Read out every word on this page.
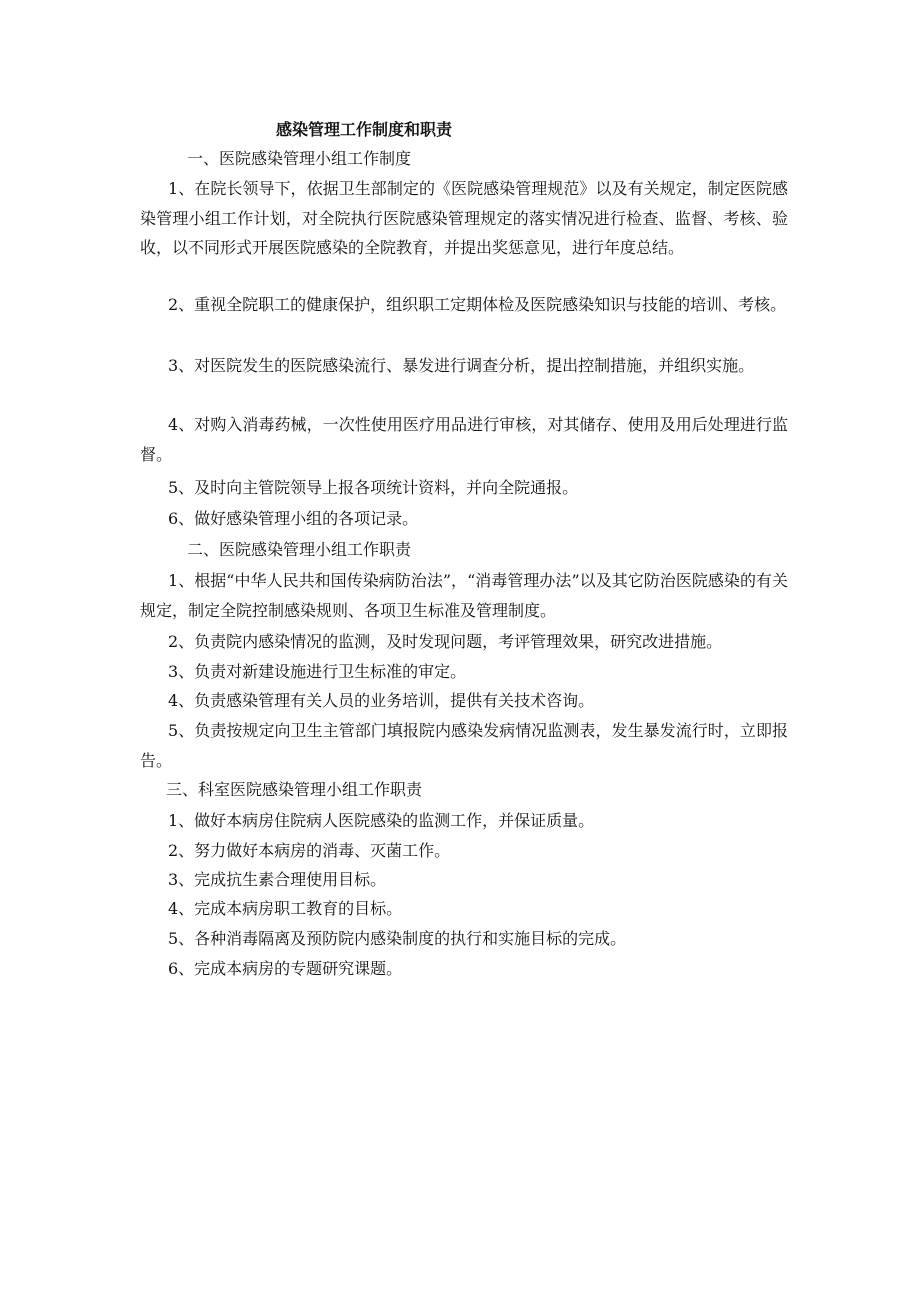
感染管理工作制度和职责
一、医院感染管理小组工作制度
1、在院长领导下，依据卫生部制定的《医院感染管理规范》以及有关规定，制定医院感染管理小组工作计划，对全院执行医院感染管理规定的落实情况进行检查、监督、考核、验收，以不同形式开展医院感染的全院教育，并提出奖惩意见，进行年度总结。
2、重视全院职工的健康保护，组织职工定期体检及医院感染知识与技能的培训、考核。
3、对医院发生的医院感染流行、暴发进行调查分析，提出控制措施，并组织实施。
4、对购入消毒药械，一次性使用医疗用品进行审核，对其储存、使用及用后处理进行监督。
5、及时向主管院领导上报各项统计资料，并向全院通报。
6、做好感染管理小组的各项记录。
二、医院感染管理小组工作职责
1、根据“中华人民共和国传染病防治法”，“消毒管理办法”以及其它防治医院感染的有关规定，制定全院控制感染规则、各项卫生标准及管理制度。
2、负责院内感染情况的监测，及时发现问题，考评管理效果，研究改进措施。
3、负责对新建设施进行卫生标准的审定。
4、负责感染管理有关人员的业务培训，提供有关技术咨询。
5、负责按规定向卫生主管部门填报院内感染发病情况监测表，发生暴发流行时，立即报告。
三、科室医院感染管理小组工作职责
1、做好本病房住院病人医院感染的监测工作，并保证质量。
2、努力做好本病房的消毒、灭菌工作。
3、完成抗生素合理使用目标。
4、完成本病房职工教育的目标。
5、各种消毒隔离及预防院内感染制度的执行和实施目标的完成。
6、完成本病房的专题研究课题。
